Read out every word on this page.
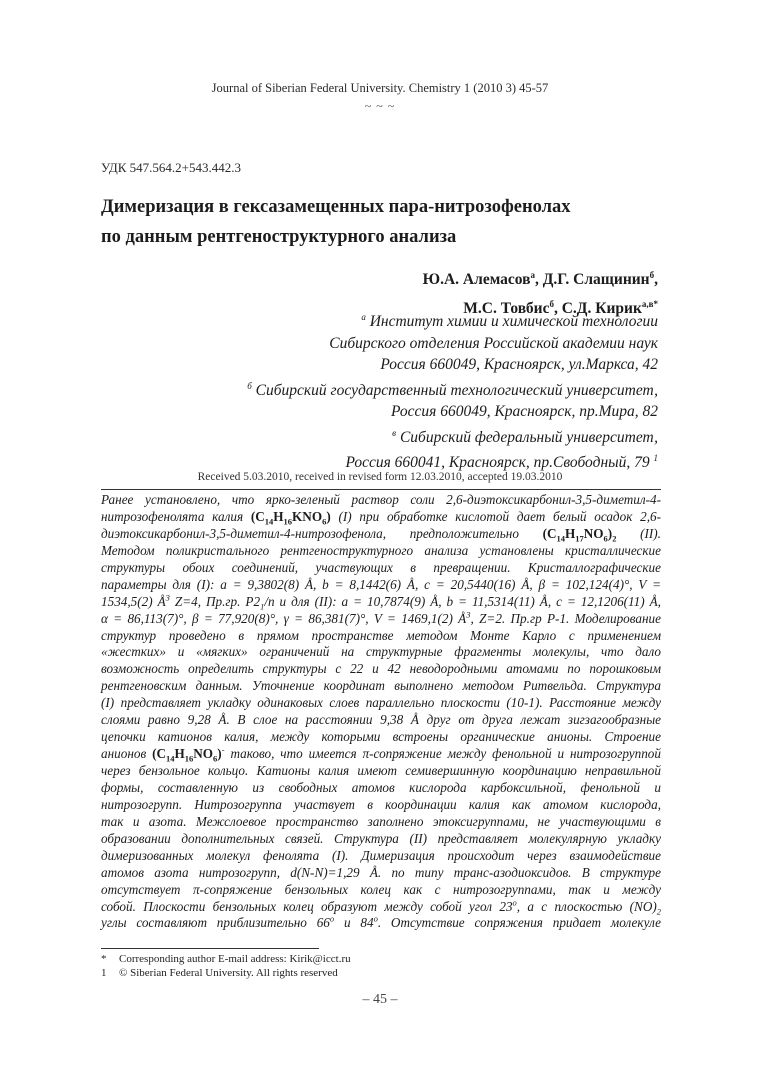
Journal of Siberian Federal University. Chemistry 1 (2010 3) 45-57
~ ~ ~
УДК 547.564.2+543.442.3
Димеризация в гексазамещенных пара-нитрозофенолах
по данным рентгеноструктурного анализа
Ю.А. Алемасов$^а$, Д.Г. Слащинин$^б$,
М.С. Товбис$^б$, С.Д. Кирик$^{а,в*}$
$^а$ Институт химии и химической технологии
Сибирского отделения Российской академии наук
Россия 660049, Красноярск, ул.Маркса, 42
$^б$ Сибирский государственный технологический университет,
Россия 660049, Красноярск, пр.Мира, 82
$^в$ Сибирский федеральный университет,
Россия 660041, Красноярск, пр.Свободный, 79 $^1$
Received 5.03.2010, received in revised form 12.03.2010, accepted 19.03.2010
Ранее установлено, что ярко-зеленый раствор соли 2,6-диэтоксикарбонил-3,5-диметил-4-
нитрозофенолята калия $(C_{14}H_{16}KNO_6)$ (I) при обработке кислотой дает белый осадок 2,6-
диэтоксикарбонил-3,5-диметил-4-нитрозофенола, предположительно $(C_{14}H_{17}NO_6)_2$ (II).
Методом поликристального рентгеноструктурного анализа установлены кристаллические
структуры обоих соединений, участвующих в превращении. Кристаллографические
параметры для (I): a = 9,3802(8) Å, b = 8,1442(6) Å, c = 20,5440(16) Å, β = 102,124(4)°, V =
1534,5(2) $Å^3$ Z=4, Пр.гр. $P2_1/n$ и для (II): a = 10,7874(9) Å, b = 11,5314(11) Å, c = 12,1206(11) Å,
α = 86,113(7)°, β = 77,920(8)°, γ = 86,381(7)°, V = 1469,1(2) $Å^3$, Z=2. Пр.гр P-1. Моделирование
структур проведено в прямом пространстве методом Монте Карло с применением
«жестких» и «мягких» ограничений на структурные фрагменты молекулы, что дало
возможность определить структуры с 22 и 42 неводородными атомами по порошковым
рентгеновским данным. Уточнение координат выполнено методом Ритвельда. Структура
(I) представляет укладку одинаковых слоев параллельно плоскости (10-1). Расстояние между
слоями равно 9,28 Å. В слое на расстоянии 9,38 Å друг от друга лежат зигзагообразные
цепочки катионов калия, между которыми встроены органические анионы. Строение
анионов $(C_{14}H_{16}NO_6)^-$ таково, что имеется π-сопряжение между фенольной и нитрозогруппой
через бензольное кольцо. Катионы калия имеют семивершинную координацию неправильной
формы, составленную из свободных атомов кислорода карбоксильной, фенольной и
нитрозогрупп. Нитрозогруппа участвует в координации калия как атомом кислорода,
так и азота. Межслоевое пространство заполнено этоксигруппами, не участвующими в
образовании дополнительных связей. Структура (II) представляет молекулярную укладку
димеризованных молекул фенолята (I). Димеризация происходит через взаимодействие
атомов азота нитрозогрупп, d(N-N)=1,29 Å. по типу транс-азодиоксидов. В структуре
отсутствует π-сопряжение бензольных колец как с нитрозогруппами, так и между
собой. Плоскости бензольных колец образуют между собой угол 23$^o$, а с плоскостью $(NO)_2$
углы составляют приблизительно 66$^o$ и 84$^o$. Отсутствие сопряжения придает молекуле
* Corresponding author E-mail address: Kirik@icct.ru
1 © Siberian Federal University. All rights reserved
– 45 –
